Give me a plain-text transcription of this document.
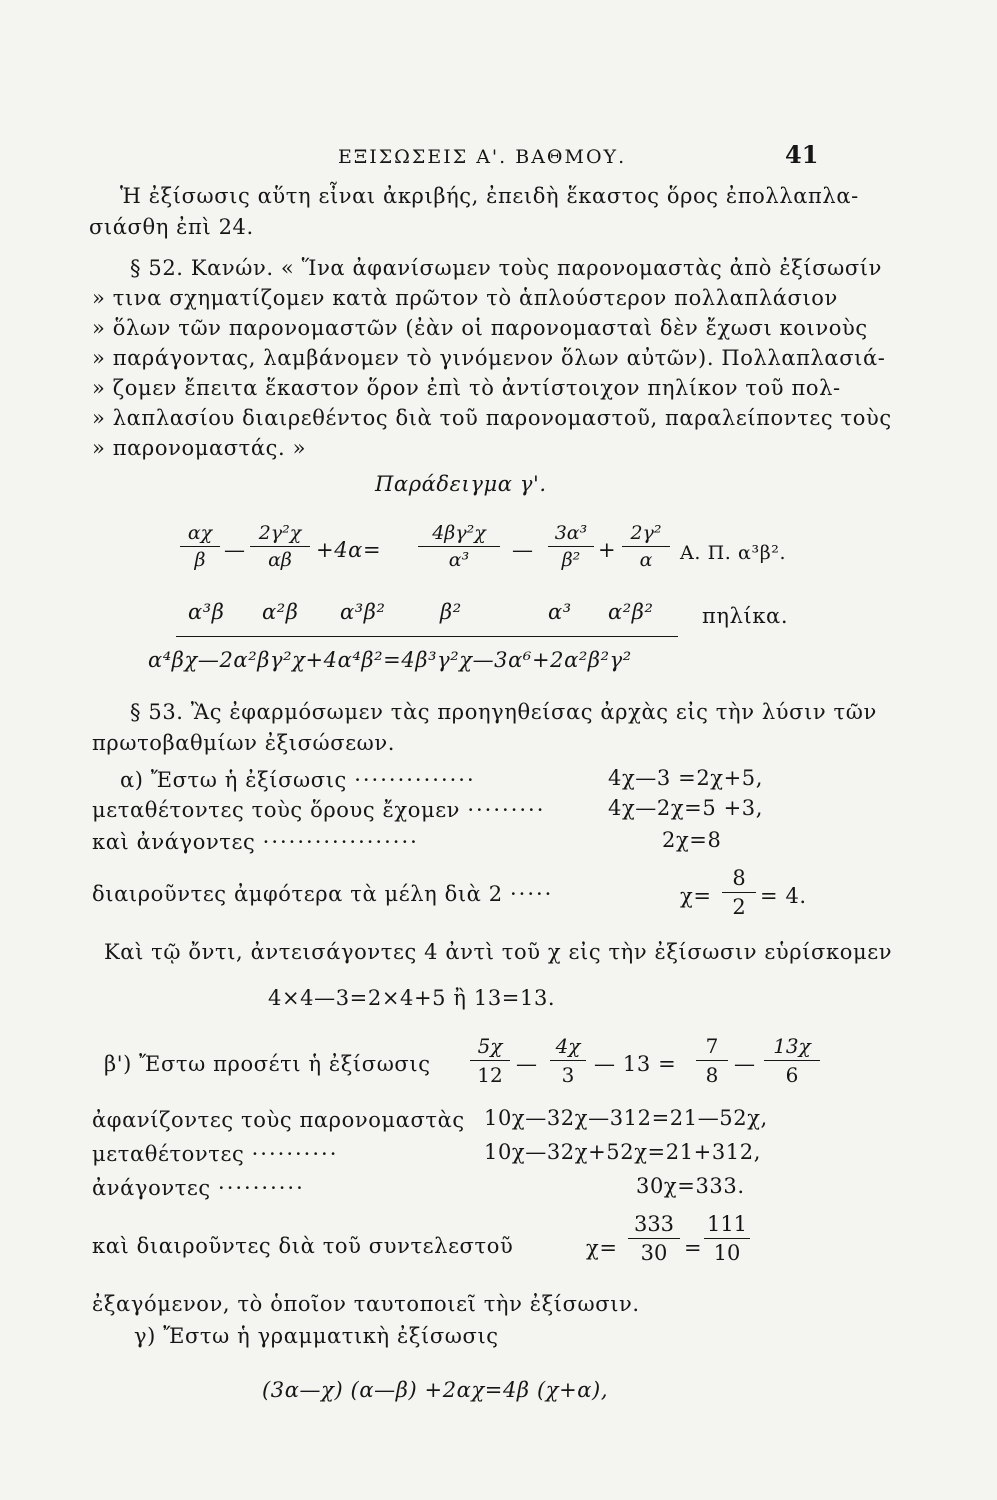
ΕΞΙΣΩΣΕΙΣ Α'. ΒΑΘΜΟΥ.	41
Ἡ ἐξίσωσις αὕτη εἶναι ἀκριβής, ἐπειδὴ ἕκαστος ὅρος ἐπολλαπλα-
σιάσθη ἐπὶ 24.
§ 52. Κανών. « Ἵνα ἀφανίσωμεν τοὺς παρονομαστὰς ἀπὸ ἐξίσωσίν
» τινα σχηματίζομεν κατὰ πρῶτον τὸ ἁπλούστερον πολλαπλάσιον
» ὅλων τῶν παρονομαστῶν (ἐὰν οἱ παρονομασταὶ δὲν ἔχωσι κοινοὺς
» παράγοντας, λαμβάνομεν τὸ γινόμενον ὅλων αὐτῶν). Πολλαπλασιά-
» ζομεν ἔπειτα ἕκαστον ὅρον ἐπὶ τὸ ἀντίστοιχον πηλίκον τοῦ πολ-
» λαπλασίου διαιρεθέντος διὰ τοῦ παρονομαστοῦ, παραλείποντες τοὺς
» παρονομαστάς. »
Παράδειγμα γ'.
αχ
β —
2γ²χ
αβ	+4α=
4βγ²χ
α³	—
3α³
β² +
2γ²
α	Α. Π. α³β².
α³β α²β α³β²	β²	α³ α²β² πηλίκα.
α⁴βχ—2α²βγ²χ+4α⁴β²=4β³γ²χ—3α⁶+2α²β²γ²
§ 53. Ἂς ἐφαρμόσωμεν τὰς προηγηθείσας ἀρχὰς εἰς τὴν λύσιν τῶν
πρωτοβαθμίων ἐξισώσεων.
α) Ἔστω ἡ ἐξίσωσις ··············	4χ—3 =2χ+5,
μεταθέτοντες τοὺς ὅρους ἔχομεν ·········	4χ—2χ=5 +3,
καὶ ἀνάγοντες ··················	2χ=8
διαιροῦντες ἀμφότερα τὰ μέλη διὰ 2 ·····	χ=
8
2 = 4.
Καὶ τῷ ὄντι, ἀντεισάγοντες 4 ἀντὶ τοῦ χ εἰς τὴν ἐξίσωσιν εὑρίσκομεν
4×4—3=2×4+5 ἢ 13=13.
β') Ἔστω προσέτι ἡ ἐξίσωσις
5χ
12 —
4χ
3 — 13 =
7
8 —
13χ
6
ἀφανίζοντες τοὺς παρονομαστὰς 10χ—32χ—312=21—52χ,
μεταθέτοντες ··········	10χ—32χ+52χ=21+312,
ἀνάγοντες ··········	30χ=333.
καὶ διαιροῦντες διὰ τοῦ συντελεστοῦ	χ=
333
30 =
111
10
ἐξαγόμενον, τὸ ὁποῖον ταυτοποιεῖ τὴν ἐξίσωσιν.
γ) Ἔστω ἡ γραμματικὴ ἐξίσωσις
(3α—χ) (α—β) +2αχ=4β (χ+α),
